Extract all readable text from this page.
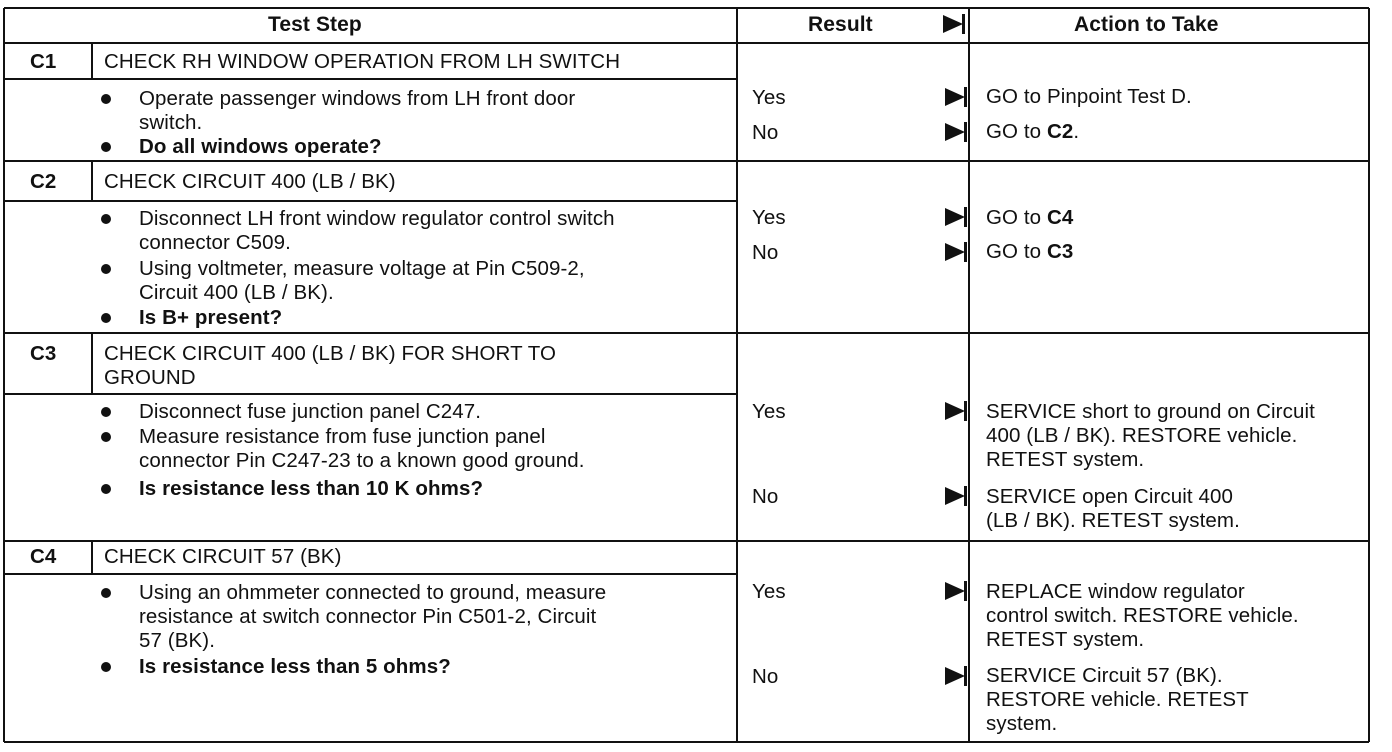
Test Step	Result	Action to Take
C1 CHECK RH WINDOW OPERATION FROM LH SWITCH
Operate passenger windows from LH front door
switch.
Do all windows operate?
Yes	GO to Pinpoint Test D.
No	GO to C2.
C2 CHECK CIRCUIT 400 (LB / BK)
Disconnect LH front window regulator control switch
connector C509.
Using voltmeter, measure voltage at Pin C509-2,
Circuit 400 (LB / BK).
Is B+ present?
Yes	GO to C4
No	GO to C3
C3 CHECK CIRCUIT 400 (LB / BK) FOR SHORT TO
GROUND
Disconnect fuse junction panel C247.
Measure resistance from fuse junction panel
connector Pin C247-23 to a known good ground.
Is resistance less than 10 K ohms?
Yes	SERVICE short to ground on Circuit
400 (LB / BK). RESTORE vehicle.
RETEST system.
No	SERVICE open Circuit 400
(LB / BK). RETEST system.
C4 CHECK CIRCUIT 57 (BK)
Using an ohmmeter connected to ground, measure
resistance at switch connector Pin C501-2, Circuit
57 (BK).
Is resistance less than 5 ohms?
Yes	REPLACE window regulator
control switch. RESTORE vehicle.
RETEST system.
No	SERVICE Circuit 57 (BK).
RESTORE vehicle. RETEST
system.
